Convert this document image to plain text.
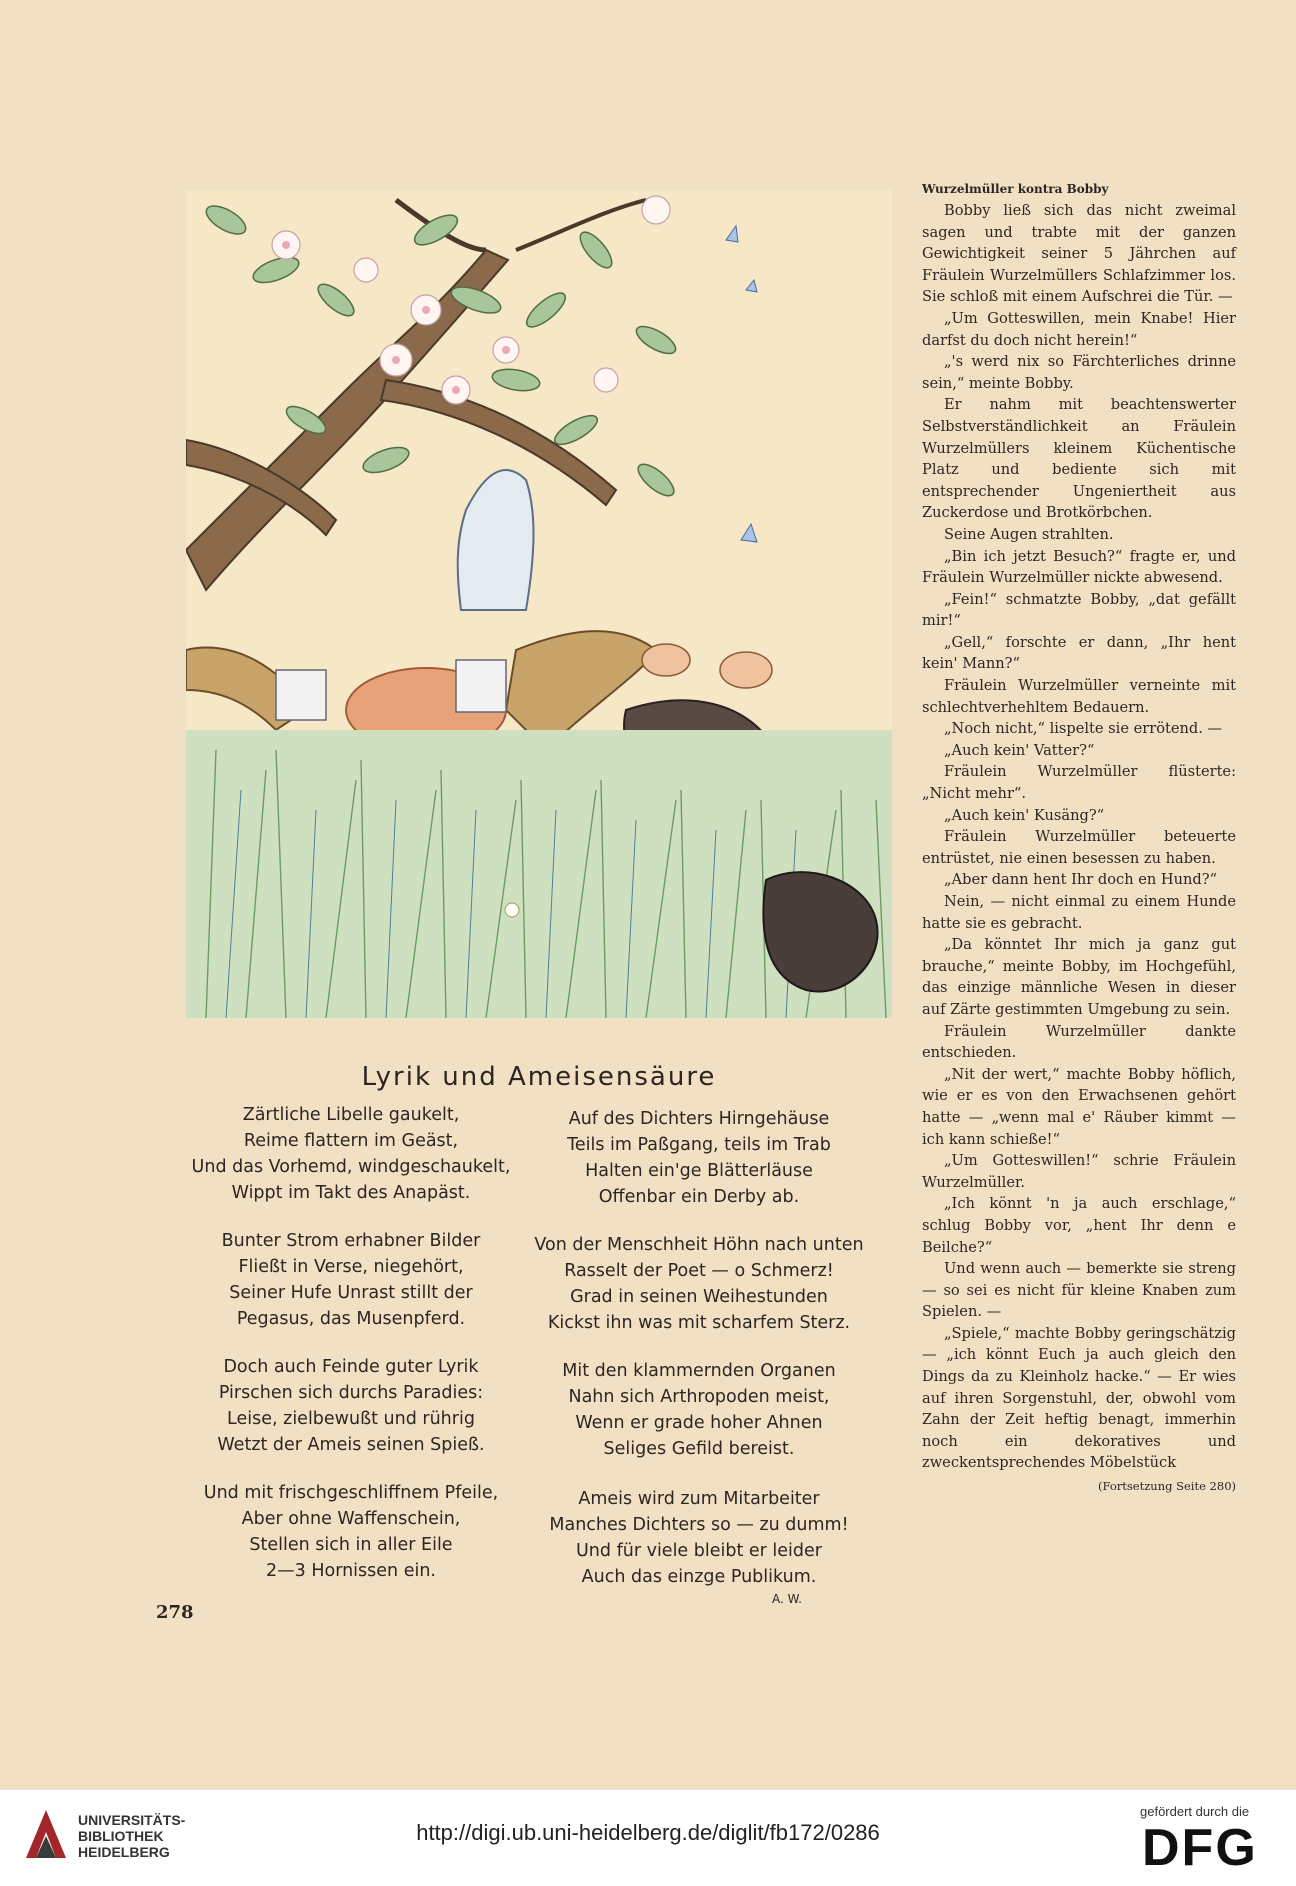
Lyrik und Ameisensäure
Zärtliche Libelle gaukelt,
Reime flattern im Geäst,
Und das Vorhemd, windgeschaukelt,
Wippt im Takt des Anapäst.
Bunter Strom erhabner Bilder
Fließt in Verse, niegehört,
Seiner Hufe Unrast stillt der
Pegasus, das Musenpferd.
Doch auch Feinde guter Lyrik
Pirschen sich durchs Paradies:
Leise, zielbewußt und rührig
Wetzt der Ameis seinen Spieß.
Und mit frischgeschliffnem Pfeile,
Aber ohne Waffenschein,
Stellen sich in aller Eile
2—3 Hornissen ein.
Auf des Dichters Hirngehäuse
Teils im Paßgang, teils im Trab
Halten ein'ge Blätterläuse
Offenbar ein Derby ab.
Von der Menschheit Höhn nach unten
Rasselt der Poet — o Schmerz!
Grad in seinen Weihestunden
Kickst ihn was mit scharfem Sterz.
Mit den klammernden Organen
Nahn sich Arthropoden meist,
Wenn er grade hoher Ahnen
Seliges Gefild bereist.
Ameis wird zum Mitarbeiter
Manches Dichters so — zu dumm!
Und für viele bleibt er leider
Auch das einzge Publikum.
A. W.
278
Wurzelmüller kontra Bobby

Bobby ließ sich das nicht zweimal sagen und trabte mit der ganzen Gewichtigkeit seiner 5 Jährchen auf Fräulein Wurzelmüllers Schlafzimmer los. Sie schloß mit einem Aufschrei die Tür. —

„Um Gotteswillen, mein Knabe! Hier darfst du doch nicht herein!“

„'s werd nix so Färchterliches drinne sein,“ meinte Bobby.

Er nahm mit beachtenswerter Selbstverständlichkeit an Fräulein Wurzelmüllers kleinem Küchentische Platz und bediente sich mit entsprechender Ungeniertheit aus Zuckerdose und Brotkörbchen.

Seine Augen strahlten.

„Bin ich jetzt Besuch?“ fragte er, und Fräulein Wurzelmüller nickte abwesend.

„Fein!“ schmatzte Bobby, „dat gefällt mir!“

„Gell,“ forschte er dann, „Ihr hent kein' Mann?“

Fräulein Wurzelmüller verneinte mit schlechtverhehltem Bedauern.

„Noch nicht,“ lispelte sie errötend. —

„Auch kein' Vatter?“

Fräulein Wurzelmüller flüsterte: „Nicht mehr“.

„Auch kein' Kusäng?“

Fräulein Wurzelmüller beteuerte entrüstet, nie einen besessen zu haben.

„Aber dann hent Ihr doch en Hund?“

Nein, — nicht einmal zu einem Hunde hatte sie es gebracht.

„Da könntet Ihr mich ja ganz gut brauche,“ meinte Bobby, im Hochgefühl, das einzige männliche Wesen in dieser auf Zärte gestimmten Umgebung zu sein.

Fräulein Wurzelmüller dankte entschieden.

„Nit der wert,“ machte Bobby höflich, wie er es von den Erwachsenen gehört hatte — „wenn mal e' Räuber kimmt — ich kann schieße!“

„Um Gotteswillen!“ schrie Fräulein Wurzelmüller.

„Ich könnt 'n ja auch erschlage,“ schlug Bobby vor, „hent Ihr denn e Beilche?“

Und wenn auch — bemerkte sie streng — so sei es nicht für kleine Knaben zum Spielen. —

„Spiele,“ machte Bobby geringschätzig — „ich könnt Euch ja auch gleich den Dings da zu Kleinholz hacke.“ — Er wies auf ihren Sorgenstuhl, der, obwohl vom Zahn der Zeit heftig benagt, immerhin noch ein dekoratives und zweckentsprechendes Möbelstück

(Fortsetzung Seite 280)
UNIVERSITÄTS-
BIBLIOTHEK
HEIDELBERG
http://digi.ub.uni-heidelberg.de/diglit/fb172/0286
gefördert durch die
DFG
